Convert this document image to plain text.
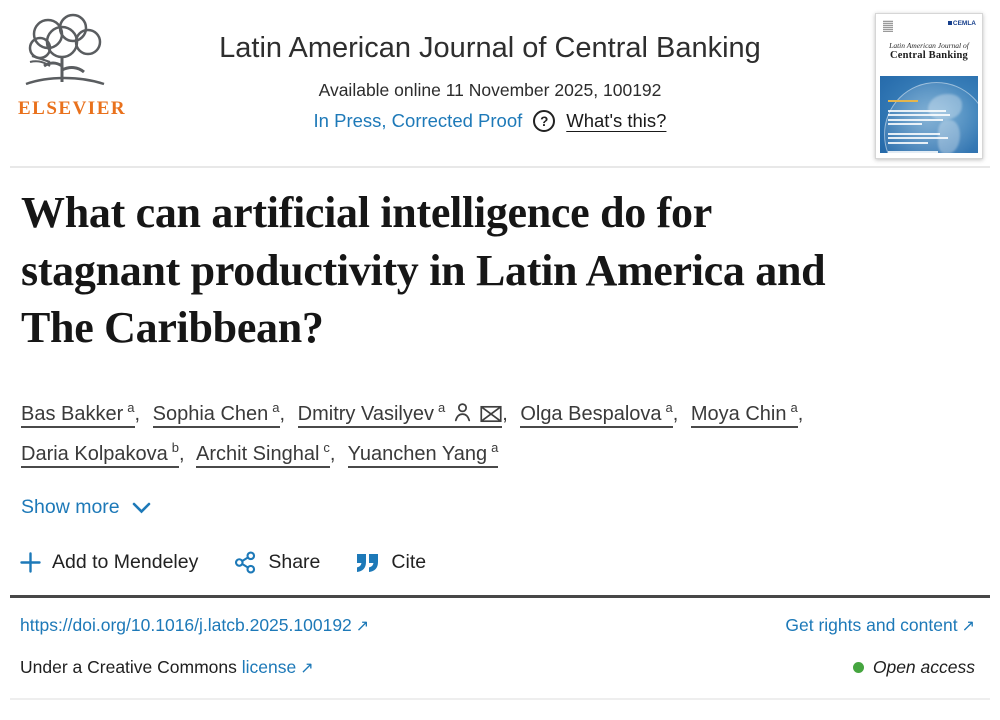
ELSEVIER
Latin American Journal of Central Banking
Available online 11 November 2025, 100192
In Press, Corrected Proof	? What's this?
CEMLA
Latin American Journal of
Central Banking
What can artificial intelligence do for
stagnant productivity in Latin America and
The Caribbean?
Bas Bakker $^a$, Sophia Chen $^a$, Dmitry Vasilyev $^a$	, Olga Bespalova $^a$, Moya Chin $^a$, Daria Kolpakova $^b$, Archit Singhal $^c$, Yuanchen Yang $^a$
Show more
Add to Mendeley	Share	Cite
https://doi.org/10.1016/j.latcb.2025.100192 ↗	Get rights and content ↗
Under a Creative Commons license ↗	Open access
